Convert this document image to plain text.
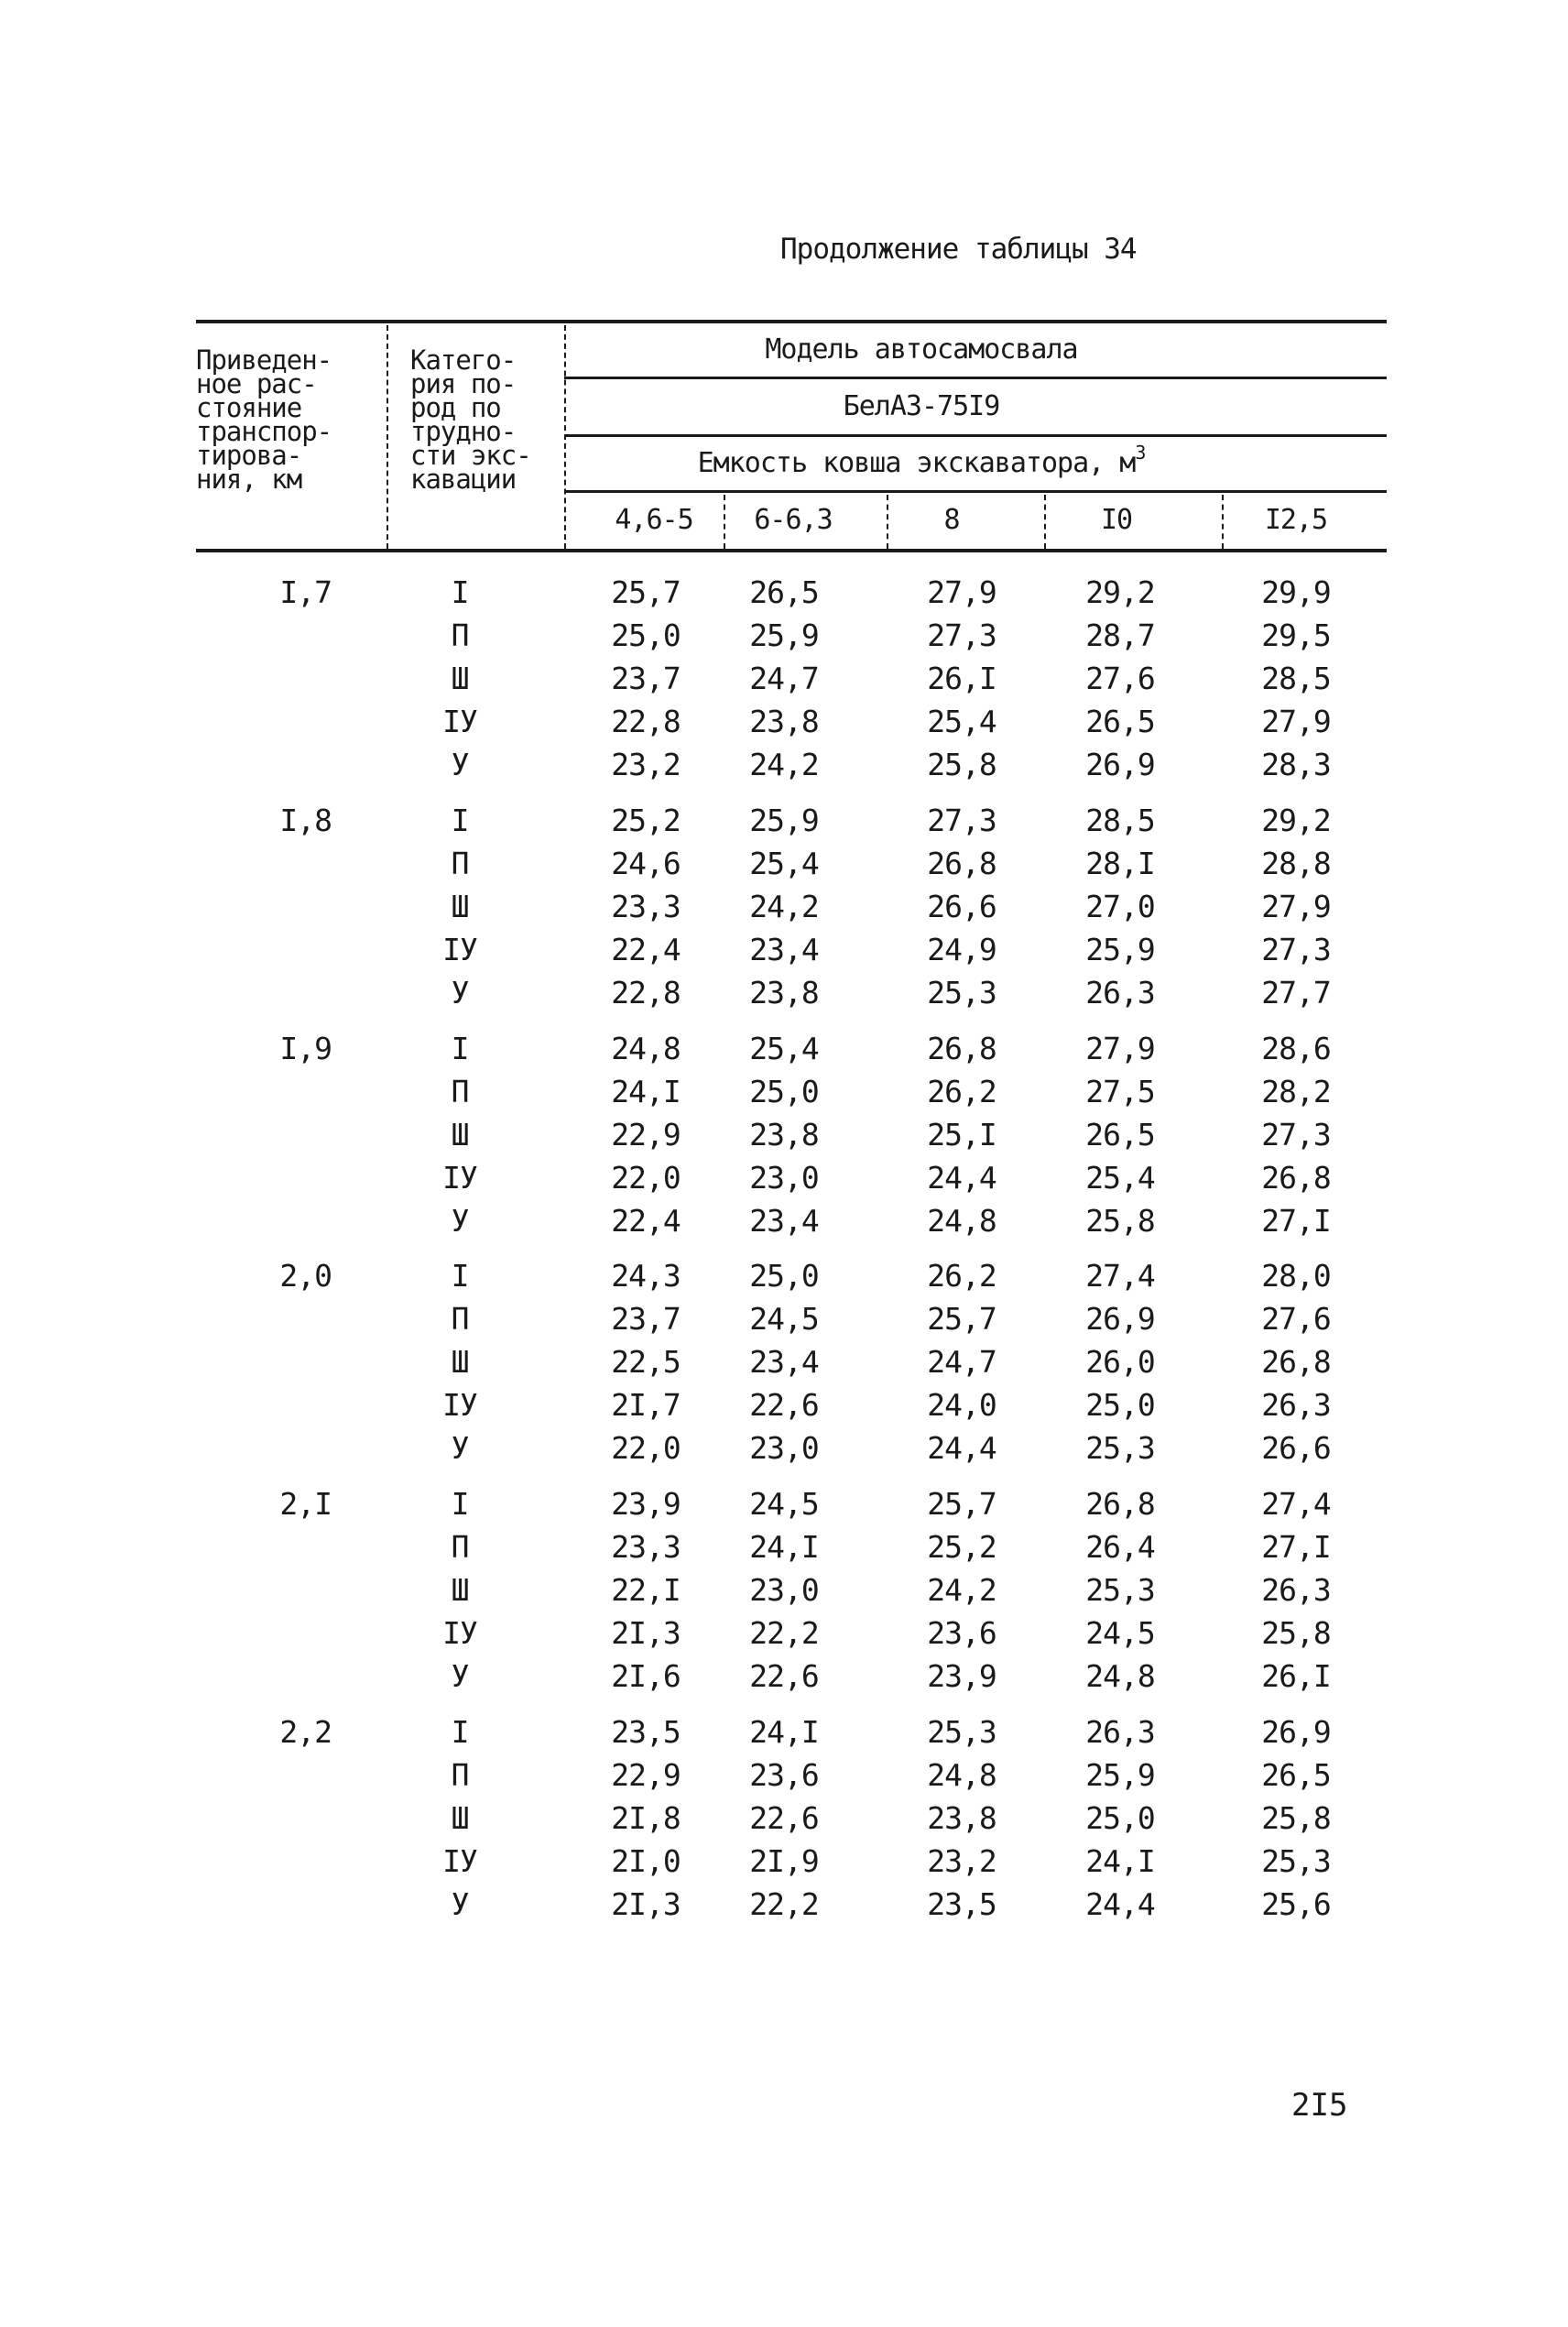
Продолжение таблицы 34
Приведен-
ное рас-
стояние
транспор-
тирова-
ния, км
Катего-
рия по-
род по
трудно-
сти экс-
кавации
Модель автосамосвала
БелАЗ-75I9
Емкость ковша экскаватора, $м^3$
4,6-5	6-6,3	8	I0	I2,5
I,7	I	25,7	26,5	27,9	29,2	29,9
П	25,0	25,9	27,3	28,7	29,5
Ш	23,7	24,7	26,I	27,6	28,5
IУ	22,8	23,8	25,4	26,5	27,9
У	23,2	24,2	25,8	26,9	28,3
I,8	I	25,2	25,9	27,3	28,5	29,2
П	24,6	25,4	26,8	28,I	28,8
Ш	23,3	24,2	26,6	27,0	27,9
IУ	22,4	23,4	24,9	25,9	27,3
У	22,8	23,8	25,3	26,3	27,7
I,9	I	24,8	25,4	26,8	27,9	28,6
П	24,I	25,0	26,2	27,5	28,2
Ш	22,9	23,8	25,I	26,5	27,3
IУ	22,0	23,0	24,4	25,4	26,8
У	22,4	23,4	24,8	25,8	27,I
2,0	I	24,3	25,0	26,2	27,4	28,0
П	23,7	24,5	25,7	26,9	27,6
Ш	22,5	23,4	24,7	26,0	26,8
IУ	2I,7	22,6	24,0	25,0	26,3
У	22,0	23,0	24,4	25,3	26,6
2,I	I	23,9	24,5	25,7	26,8	27,4
П	23,3	24,I	25,2	26,4	27,I
Ш	22,I	23,0	24,2	25,3	26,3
IУ	2I,3	22,2	23,6	24,5	25,8
У	2I,6	22,6	23,9	24,8	26,I
2,2	I	23,5	24,I	25,3	26,3	26,9
П	22,9	23,6	24,8	25,9	26,5
Ш	2I,8	22,6	23,8	25,0	25,8
IУ	2I,0	2I,9	23,2	24,I	25,3
У	2I,3	22,2	23,5	24,4	25,6
2I5
